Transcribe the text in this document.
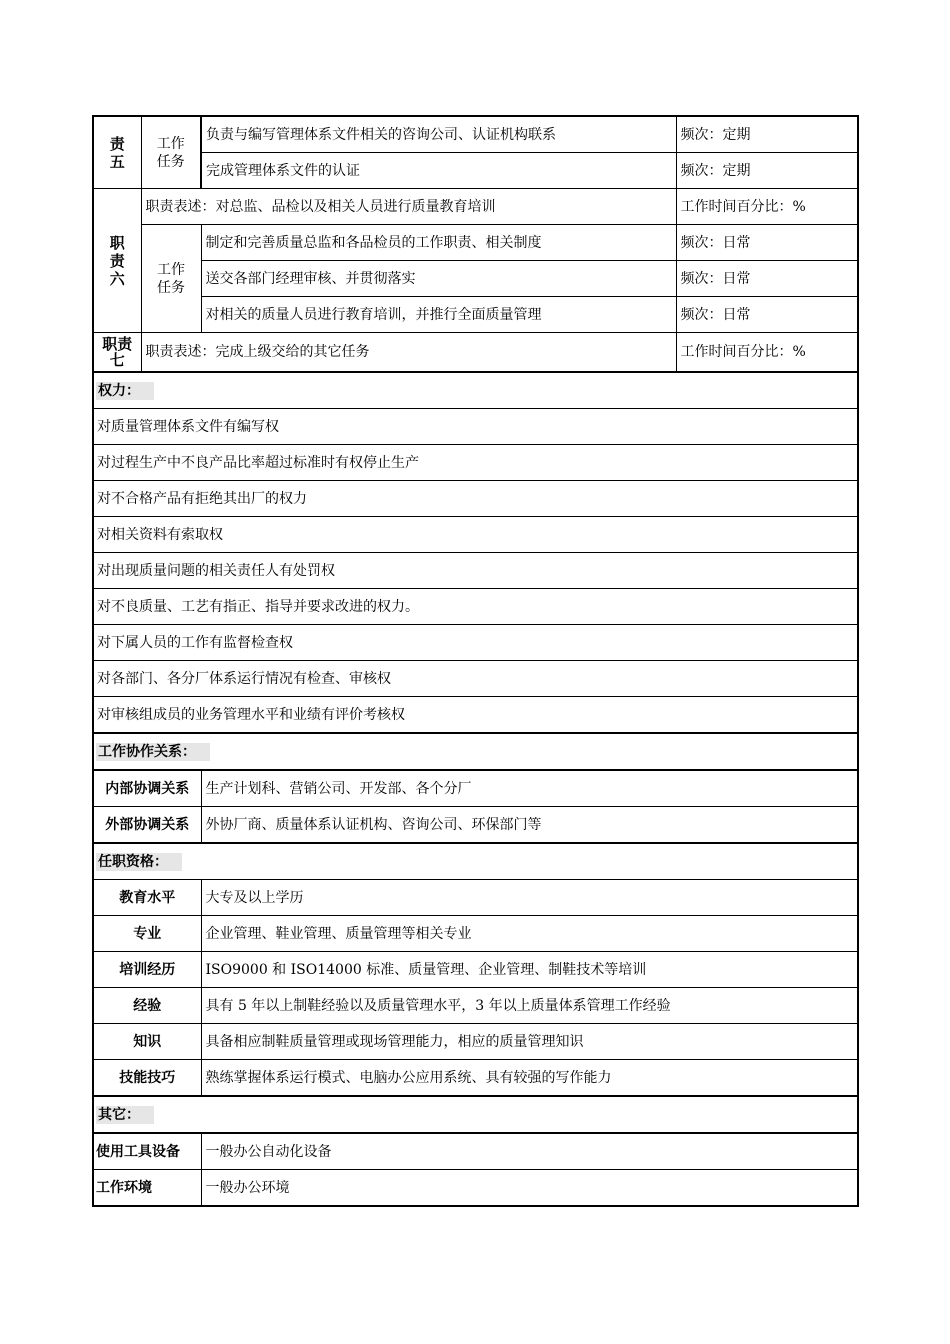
责五	工作任务	负责与编写管理体系文件相关的咨询公司、认证机构联系	频次：定期
		完成管理体系文件的认证	频次：定期
职责六	职责表述：对总监、品检以及相关人员进行质量教育培训		工作时间百分比：%
	工作任务	制定和完善质量总监和各品检员的工作职责、相关制度	频次：日常
		送交各部门经理审核、并贯彻落实	频次：日常
		对相关的质量人员进行教育培训，并推行全面质量管理	频次：日常
职责七	职责表述：完成上级交给的其它任务		工作时间百分比：%
权力：			
对质量管理体系文件有编写权			
对过程生产中不良产品比率超过标准时有权停止生产			
对不合格产品有拒绝其出厂的权力			
对相关资料有索取权			
对出现质量问题的相关责任人有处罚权			
对不良质量、工艺有指正、指导并要求改进的权力。			
对下属人员的工作有监督检查权			
对各部门、各分厂体系运行情况有检查、审核权			
对审核组成员的业务管理水平和业绩有评价考核权			
工作协作关系：			
内部协调关系		生产计划科、营销公司、开发部、各个分厂	
外部协调关系		外协厂商、质量体系认证机构、咨询公司、环保部门等	
任职资格：			
教育水平		大专及以上学历	
专业		企业管理、鞋业管理、质量管理等相关专业	
培训经历		ISO9000 和 ISO14000 标准、质量管理、企业管理、制鞋技术等培训	
经验		具有 5 年以上制鞋经验以及质量管理水平，3 年以上质量体系管理工作经验	
知识		具备相应制鞋质量管理或现场管理能力，相应的质量管理知识	
技能技巧		熟练掌握体系运行模式、电脑办公应用系统、具有较强的写作能力	
其它：			
使用工具设备		一般办公自动化设备	
工作环境		一般办公环境	
